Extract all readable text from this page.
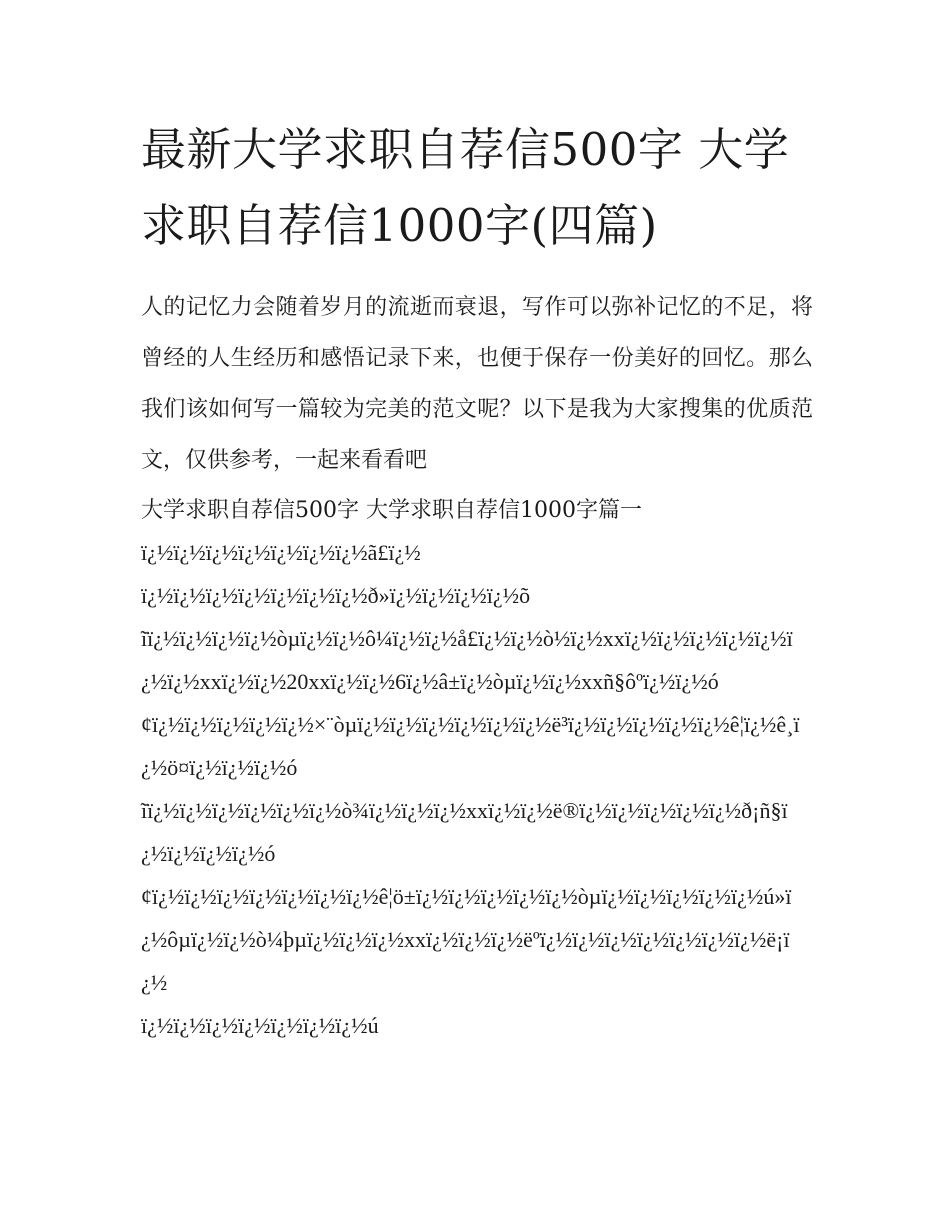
最新大学求职自荐信500字 大学求职自荐信1000字(四篇)

人的记忆力会随着岁月的流逝而衰退，写作可以弥补记忆的不足，将曾经的人生经历和感悟记录下来，也便于保存一份美好的回忆。那么我们该如何写一篇较为完美的范文呢？以下是我为大家搜集的优质范文，仅供参考，一起来看看吧

大学求职自荐信500字 大学求职自荐信1000字篇一

ï¿½ï¿½ï¿½ï¿½ï¿½ï¿½ï¿½ã£ï¿½

ï¿½ï¿½ï¿½ï¿½ï¿½ï¿½ï¿½ð»ï¿½ï¿½ï¿½ï¿½õ

ĩï¿½ï¿½ï¿½ï¿½òµï¿½ï¿½ô¼ï¿½ï¿½å£ï¿½ï¿½ò½ï¿½xxï¿½ï¿½ï¿½ï¿½ï¿½ï¿½ï¿½xxï¿½ï¿½20xxï¿½ï¿½6ï¿½â±ï¿½òµï¿½ï¿½xxñ§ôºï¿½ï¿½ó

¢ï¿½ï¿½ï¿½ï¿½ï¿½×¨òµï¿½ï¿½ï¿½ï¿½ï¿½ï¿½ë³ï¿½ï¿½ï¿½ï¿½ï¿½ê¦ï¿½ê¸ï¿½ö¤ï¿½ï¿½ï¿½ó

ĩï¿½ï¿½ï¿½ï¿½ï¿½ï¿½ò¾ï¿½ï¿½ï¿½xxï¿½ï¿½ë®ï¿½ï¿½ï¿½ï¿½ï¿½ð¡ñ§ï¿½ï¿½ï¿½ï¿½ó

¢ï¿½ï¿½ï¿½ï¿½ï¿½ï¿½ï¿½ê¦ö±ï¿½ï¿½ï¿½ï¿½ï¿½òµï¿½ï¿½ï¿½ï¿½ï¿½ú»ï¿½ôµï¿½ï¿½ò¼þµï¿½ï¿½ï¿½xxï¿½ï¿½ï¿½ëºï¿½ï¿½ï¿½ï¿½ï¿½ï¿½ï¿½ë¡ï¿½

ï¿½ï¿½ï¿½ï¿½ï¿½ï¿½ï¿½ú
